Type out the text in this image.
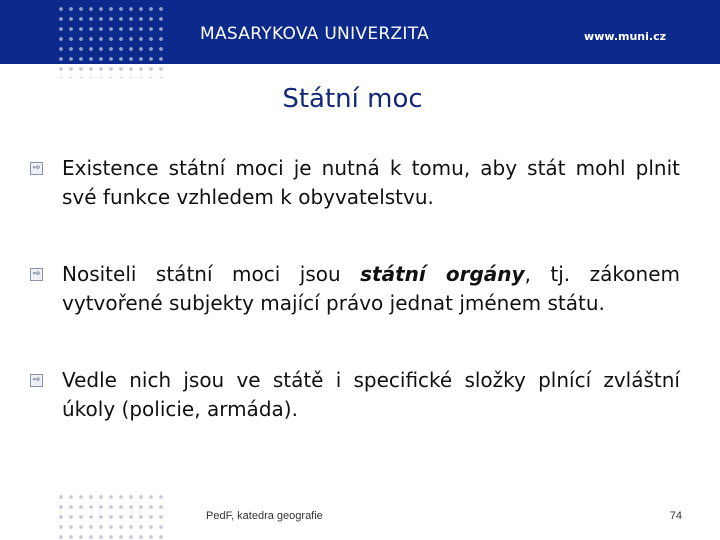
MASARYKOVA UNIVERZITA	www.muni.cz
Státní moc
⇨ Existence státní moci je nutná k tomu, aby stát mohl plnit své funkce vzhledem k obyvatelstvu.
⇨ Nositeli státní moci jsou státní orgány, tj. zákonem vytvořené subjekty mající právo jednat jménem státu.
⇨ Vedle nich jsou ve státě i specifické složky plnící zvláštní úkoly (policie, armáda).
PedF, katedra geografie	74
